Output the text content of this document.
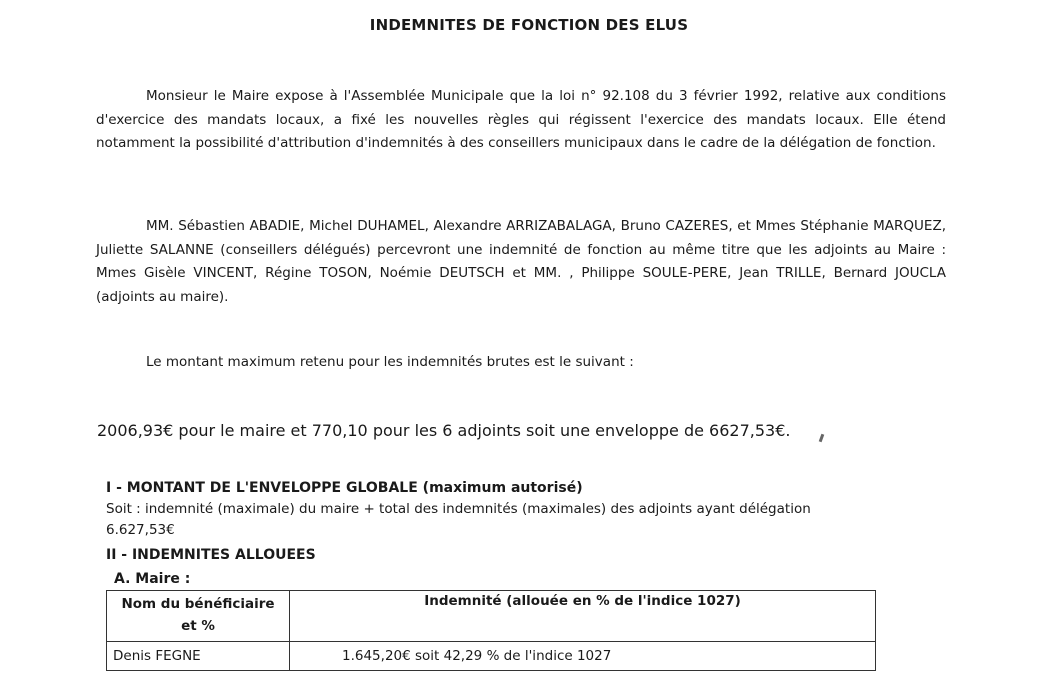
INDEMNITES DE FONCTION DES ELUS
Monsieur le Maire expose à l'Assemblée Municipale que la loi n° 92.108 du 3 février 1992, relative aux conditions d'exercice des mandats locaux, a fixé les nouvelles règles qui régissent l'exercice des mandats locaux. Elle étend notamment la possibilité d'attribution d'indemnités à des conseillers municipaux dans le cadre de la délégation de fonction.
MM. Sébastien ABADIE, Michel DUHAMEL, Alexandre ARRIZABALAGA, Bruno CAZERES, et Mmes Stéphanie MARQUEZ, Juliette SALANNE (conseillers délégués) percevront une indemnité de fonction au même titre que les adjoints au Maire : Mmes Gisèle VINCENT, Régine TOSON, Noémie DEUTSCH et MM. , Philippe SOULE-PERE, Jean TRILLE, Bernard JOUCLA (adjoints au maire).
Le montant maximum retenu pour les indemnités brutes est le suivant :
2006,93€ pour le maire et 770,10 pour les 6 adjoints soit une enveloppe de 6627,53€.
I - MONTANT DE L'ENVELOPPE GLOBALE (maximum autorisé)
Soit : indemnité (maximale) du maire + total des indemnités (maximales) des adjoints ayant délégation
6.627,53€
II - INDEMNITES ALLOUEES
A. Maire :
Nom du bénéficiaire et %	Indemnité (allouée en % de l'indice 1027)
Denis FEGNE	1.645,20€ soit 42,29 % de l'indice 1027
